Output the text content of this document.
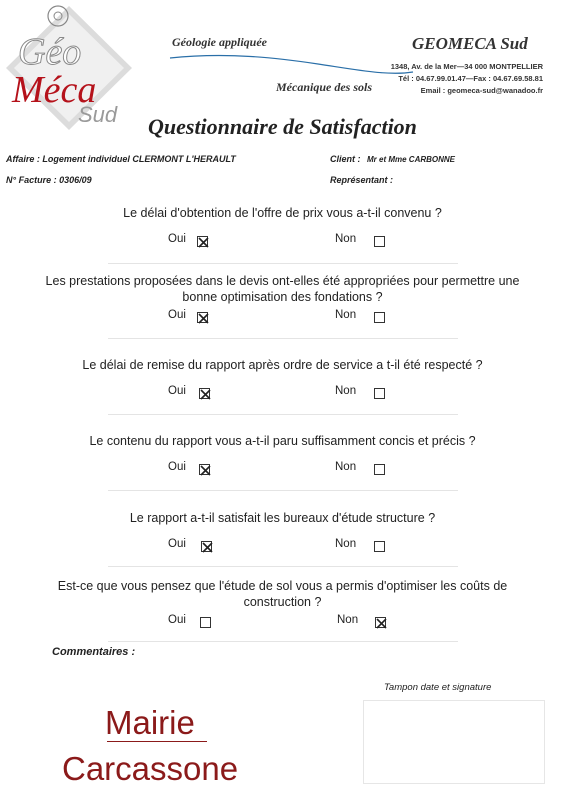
Géo
Méca
Sud
Géologie appliquée
Mécanique des sols
GEOMECA Sud
1348, Av. de la Mer—34 000 MONTPELLIER
Tél : 04.67.99.01.47—Fax : 04.67.69.58.81
Email : geomeca-sud@wanadoo.fr
Questionnaire de Satisfaction
Affaire : Logement individuel CLERMONT L'HERAULT	Client : Mr et Mme CARBONNE
N° Facture : 0306/09	Représentant :
Le délai d'obtention de l'offre de prix vous a-t-il convenu ?
Oui	Non
Les prestations proposées dans le devis ont-elles été appropriées pour permettre une bonne optimisation des fondations ?
Oui	Non
Le délai de remise du rapport après ordre de service a t-il été respecté ?
Oui	Non
Le contenu du rapport vous a-t-il paru suffisamment concis et précis ?
Oui	Non
Le rapport a-t-il satisfait les bureaux d'étude structure ?
Oui	Non
Est-ce que vous pensez que l'étude de sol vous a permis d'optimiser les coûts de construction ?
Oui	Non
Commentaires :
Tampon date et signature
Mairie
Carcassone
